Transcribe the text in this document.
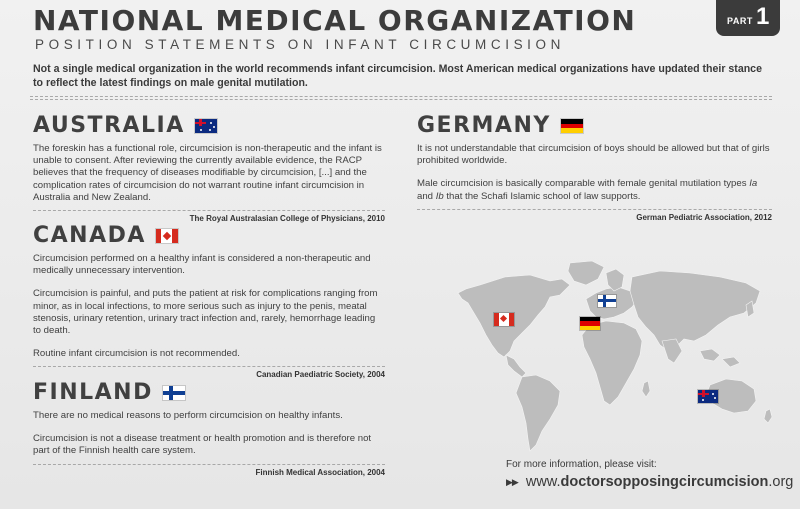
NATIONAL MEDICAL ORGANIZATION
POSITION STATEMENTS ON INFANT CIRCUMCISION
PART 1
Not a single medical organization in the world recommends infant circumcision. Most American medical organizations have updated their stance to reflect the latest findings on male genital mutilation.
AUSTRALIA

The foreskin has a functional role, circumcision is non-therapeutic and the infant is unable to consent. After reviewing the currently available evidence, the RACP believes that the frequency of diseases modifiable by circumcision, [...] and the complication rates of circumcision do not warrant routine infant circumcision in Australia and New Zealand.

The Royal Australasian College of Physicians, 2010
CANADA

Circumcision performed on a healthy infant is considered a non-therapeutic and medically unnecessary intervention.

Circumcision is painful, and puts the patient at risk for complications ranging from minor, as in local infections, to more serious such as injury to the penis, meatal stenosis, urinary retention, urinary tract infection and, rarely, hemorrhage leading to death.

Routine infant circumcision is not recommended.

Canadian Paediatric Society, 2004
FINLAND

There are no medical reasons to perform circumcision on healthy infants.

Circumcision is not a disease treatment or health promotion and is therefore not part of the Finnish health care system.

Finnish Medical Association, 2004
GERMANY

It is not understandable that circumcision of boys should be allowed but that of girls prohibited worldwide.

Male circumcision is basically comparable with female genital mutilation types Ia and Ib that the Schafi Islamic school of law supports.

German Pediatric Association, 2012
For more information, please visit:
▶▶ www. doctorsopposingcircumcision .org
